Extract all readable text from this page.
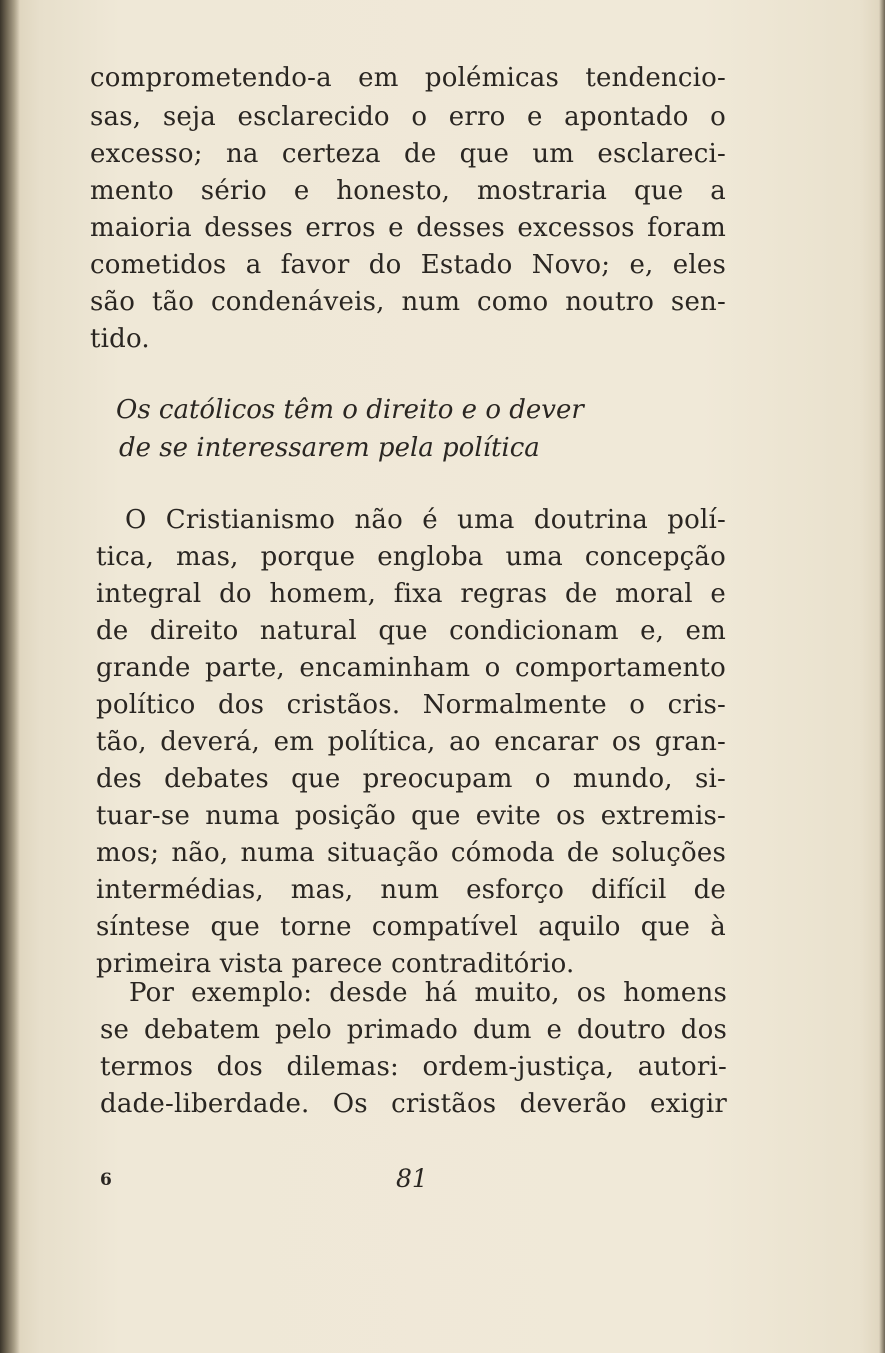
comprometendo-a em polémicas tendencio-

sas, seja esclarecido o erro e apontado o

excesso; na certeza de que um esclareci-

mento sério e honesto, mostraria que a

maioria desses erros e desses excessos foram

cometidos a favor do Estado Novo; e, eles

são tão condenáveis, num como noutro sen-

tido.

Os católicos têm o direito e o dever

de se interessarem pela política

O Cristianismo não é uma doutrina polí-

tica, mas, porque engloba uma concepção

integral do homem, fixa regras de moral e

de direito natural que condicionam e, em

grande parte, encaminham o comportamento

político dos cristãos. Normalmente o cris-

tão, deverá, em política, ao encarar os gran-

des debates que preocupam o mundo, si-

tuar-se numa posição que evite os extremis-

mos; não, numa situação cómoda de soluções

intermédias, mas, num esforço difícil de

síntese que torne compatível aquilo que à

primeira vista parece contraditório.

Por exemplo: desde há muito, os homens

se debatem pelo primado dum e doutro dos

termos dos dilemas: ordem-justiça, autori-

dade-liberdade. Os cristãos deverão exigir

6	81
